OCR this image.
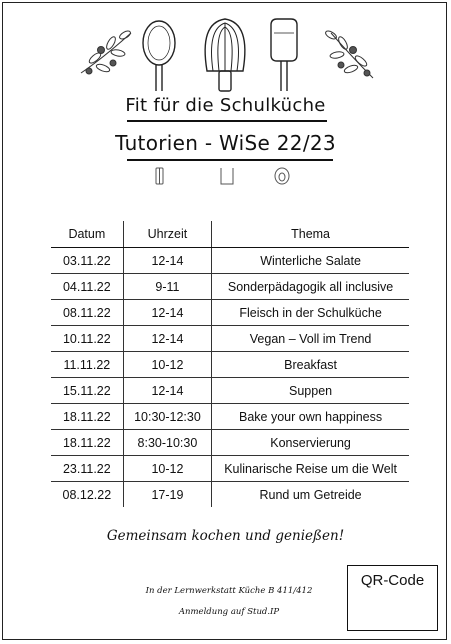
Fit für die Schulküche
Tutorien - WiSe 22/23
Datum	Uhrzeit	Thema
03.11.22	12-14	Winterliche Salate
04.11.22	9-11	Sonderpädagogik all inclusive
08.11.22	12-14	Fleisch in der Schulküche
10.11.22	12-14	Vegan – Voll im Trend
11.11.22	10-12	Breakfast
15.11.22	12-14	Suppen
18.11.22	10:30-12:30	Bake your own happiness
18.11.22	8:30-10:30	Konservierung
23.11.22	10-12	Kulinarische Reise um die Welt
08.12.22	17-19	Rund um Getreide
Gemeinsam kochen und genießen!
In der Lernwerkstatt Küche B 411/412
Anmeldung auf Stud.IP
QR-Code
